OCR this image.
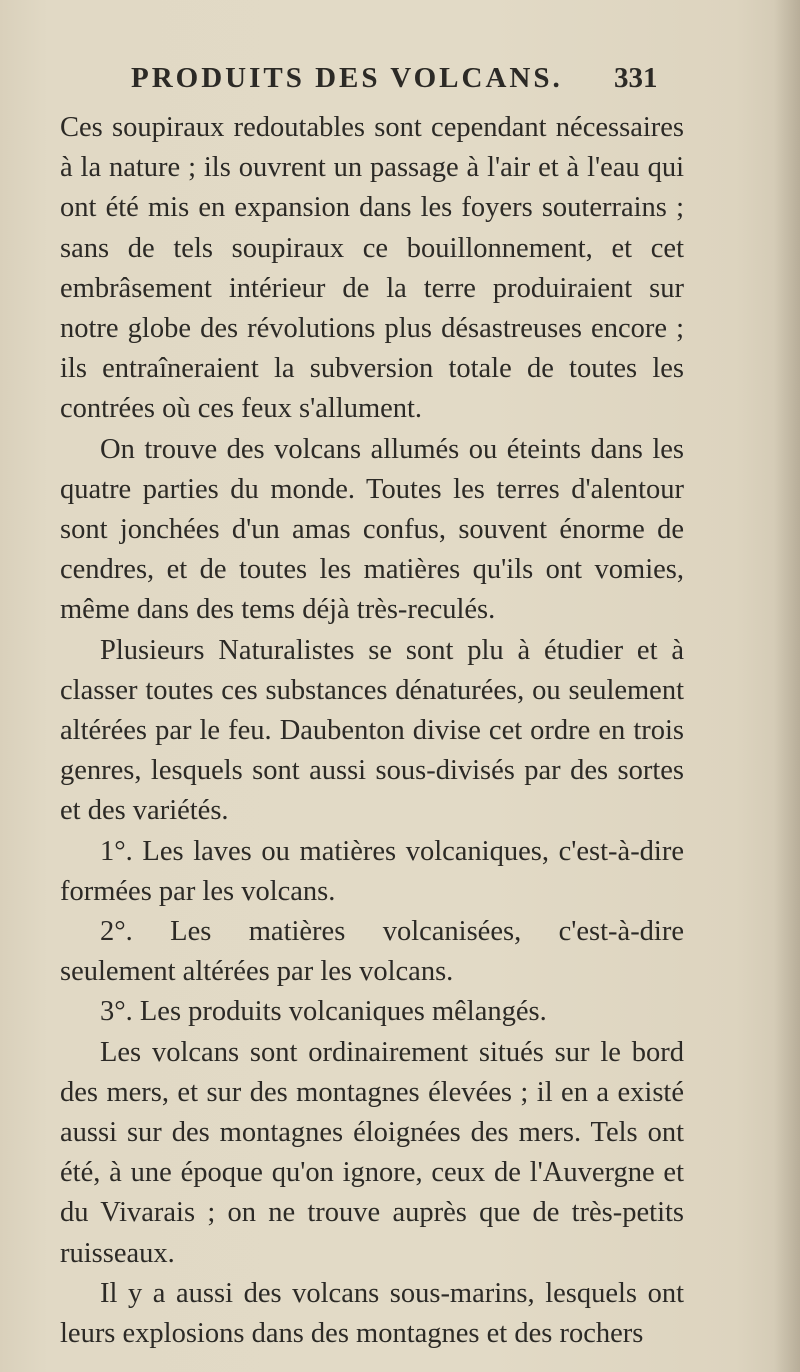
PRODUITS DES VOLCANS. 331

Ces soupiraux redoutables sont cependant nécessaires à la nature ; ils ouvrent un passage à l'air et à l'eau qui ont été mis en expansion dans les foyers souterrains ; sans de tels soupiraux ce bouillonnement, et cet embrâsement intérieur de la terre produiraient sur notre globe des révolutions plus désastreuses encore ; ils entraîneraient la subversion totale de toutes les contrées où ces feux s'allument.

On trouve des volcans allumés ou éteints dans les quatre parties du monde. Toutes les terres d'alentour sont jonchées d'un amas confus, souvent énorme de cendres, et de toutes les matières qu'ils ont vomies, même dans des tems déjà très-reculés.

Plusieurs Naturalistes se sont plu à étudier et à classer toutes ces substances dénaturées, ou seulement altérées par le feu. Daubenton divise cet ordre en trois genres, lesquels sont aussi sous-divisés par des sortes et des variétés.

1°. Les laves ou matières volcaniques, c'est-à-dire formées par les volcans.

2°. Les matières volcanisées, c'est-à-dire seulement altérées par les volcans.

3°. Les produits volcaniques mêlangés.

Les volcans sont ordinairement situés sur le bord des mers, et sur des montagnes élevées ; il en a existé aussi sur des montagnes éloignées des mers. Tels ont été, à une époque qu'on ignore, ceux de l'Auvergne et du Vivarais ; on ne trouve auprès que de très-petits ruisseaux.

Il y a aussi des volcans sous-marins, lesquels ont leurs explosions dans des montagnes et des rochers
